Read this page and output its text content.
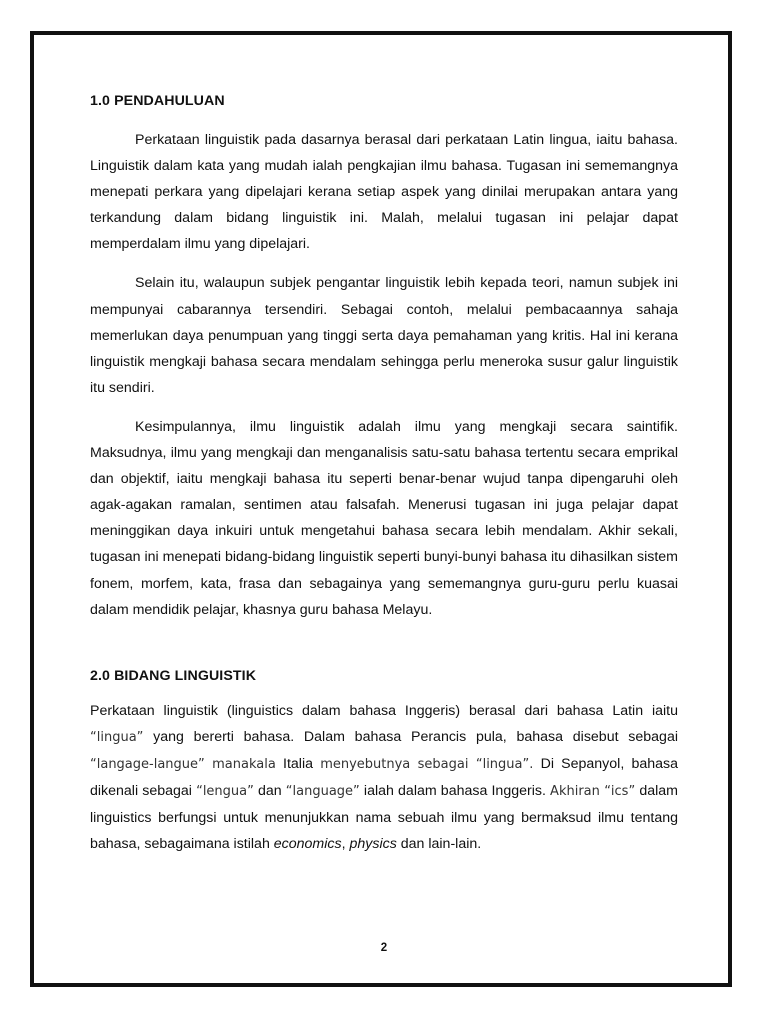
1.0 PENDAHULUAN

Perkataan linguistik pada dasarnya berasal dari perkataan Latin lingua, iaitu bahasa. Linguistik dalam kata yang mudah ialah pengkajian ilmu bahasa. Tugasan ini sememangnya menepati perkara yang dipelajari kerana setiap aspek yang dinilai merupakan antara yang terkandung dalam bidang linguistik ini. Malah, melalui tugasan ini pelajar dapat memperdalam ilmu yang dipelajari.

Selain itu, walaupun subjek pengantar linguistik lebih kepada teori, namun subjek ini mempunyai cabarannya tersendiri. Sebagai contoh, melalui pembacaannya sahaja memerlukan daya penumpuan yang tinggi serta daya pemahaman yang kritis. Hal ini kerana linguistik mengkaji bahasa secara mendalam sehingga perlu meneroka susur galur linguistik itu sendiri.

Kesimpulannya, ilmu linguistik adalah ilmu yang mengkaji secara saintifik. Maksudnya, ilmu yang mengkaji dan menganalisis satu-satu bahasa tertentu secara emprikal dan objektif, iaitu mengkaji bahasa itu seperti benar-benar wujud tanpa dipengaruhi oleh agak-agakan ramalan, sentimen atau falsafah. Menerusi tugasan ini juga pelajar dapat meninggikan daya inkuiri untuk mengetahui bahasa secara lebih mendalam. Akhir sekali, tugasan ini menepati bidang-bidang linguistik seperti bunyi-bunyi bahasa itu dihasilkan sistem fonem, morfem, kata, frasa dan sebagainya yang sememangnya guru-guru perlu kuasai dalam mendidik pelajar, khasnya guru bahasa Melayu.

2.0 BIDANG LINGUISTIK

Perkataan linguistik (linguistics dalam bahasa Inggeris) berasal dari bahasa Latin iaitu “lingua” yang bererti bahasa. Dalam bahasa Perancis pula, bahasa disebut sebagai “langage-langue” manakala Italia menyebutnya sebagai “lingua”. Di Sepanyol, bahasa dikenali sebagai “lengua” dan “language” ialah dalam bahasa Inggeris. Akhiran “ics” dalam linguistics berfungsi untuk menunjukkan nama sebuah ilmu yang bermaksud ilmu tentang bahasa, sebagaimana istilah economics, physics dan lain-lain.

2
